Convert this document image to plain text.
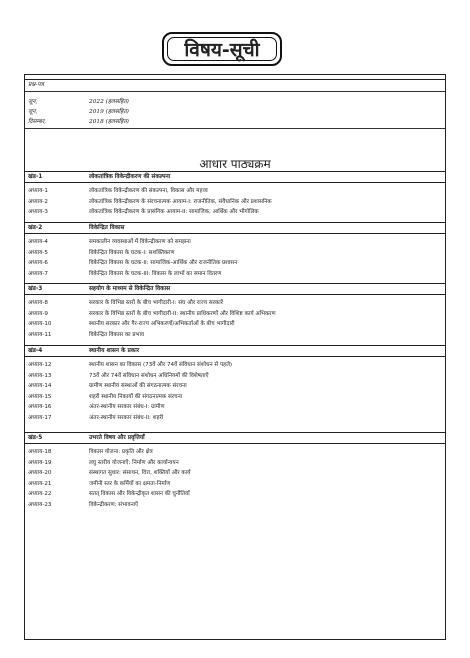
विषय-सूची
प्रश्न-पत्र
जून,	2022 (हलसहित)
जून,	2019 (हलसहित)
दिसम्बर,	2018 (हलसहित)
आधार पाठ्यक्रम
खंड-1	लोकतांत्रिक विकेन्द्रीकरण की संकल्पना
अध्याय-1	लोकतांत्रिक विकेन्द्रीकरण की संकल्पना, विकास और महत्त्व
अध्याय-2	लोकतांत्रिक विकेन्द्रीकरण के संरचनात्मक आयाम-I: राजनीतिक, संवैधानिक और प्रशासनिक
अध्याय-3	लोकतांत्रिक विकेन्द्रीकरण के प्रासंगिक आयाम-II: सामाजिक, आर्थिक और भौगोलिक
खंड-2	विकेन्द्रित विकास
अध्याय-4	समकालीन व्यवस्थाओं में विकेन्द्रीकरण को समझना
अध्याय-5	विकेन्द्रित विकास के घटक-I: सशक्तिकरण
अध्याय-6	विकेन्द्रित विकास के घटक-II: सामाजिक-आर्थिक और राजनीतिक प्रशासन
अध्याय-7	विकेन्द्रित विकास के घटक-III: विकास के लाभों का समान वितरण
खंड-3	सहयोग के माध्यम से विकेन्द्रित विकास
अध्याय-8	सरकार के विभिन्न स्तरों के बीच भागीदारी-I: संघ और राज्य सरकारें
अध्याय-9	सरकार के विभिन्न स्तरों के बीच भागीदारी-II: स्थानीय प्राधिकरणों और विशिष्ट कार्य अभिकरण
अध्याय-10	स्थानीय सरकार और गैर-राज्य अभिकरणों/अभिकर्ताओं के बीच भागीदारी
अध्याय-11	विकेन्द्रित विकास का प्रभाव
खंड-4	स्थानीय शासन के प्रकार
अध्याय-12	स्थानीय शासन का विकास (73वें और 74वें संविधान संशोधन से पहले)
अध्याय-13	73वें और 74वें संविधान संशोधन अधिनियमों की विशेषताएँ
अध्याय-14	ग्रामीण स्थानीय संस्थाओं की संगठनात्मक संरचना
अध्याय-15	शहरी स्थानीय निकायों की संगठनात्मक संरचना
अध्याय-16	अंतर-स्थानीय सरकार संबंध-I: ग्रामीण
अध्याय-17	अंतर-स्थानीय सरकार संबंध-II: शहरी
खंड-5	उभरते विषय और प्रवृत्तियाँ
अध्याय-18	विकास योजना: प्रकृति और क्षेत्र
अध्याय-19	लघु स्तरीय योजनाएँ: निर्माण और कार्यान्वयन
अध्याय-20	संस्थागत सुधार: संसाधन, वित्त, शक्तियाँ और कार्य
अध्याय-21	जमीनी स्तर के कर्मियों का क्षमता-निर्माण
अध्याय-22	सतत् विकास और विकेन्द्रीकृत शासन की चुनौतियाँ
अध्याय-23	विकेन्द्रीकरण: संभावनाएँ
